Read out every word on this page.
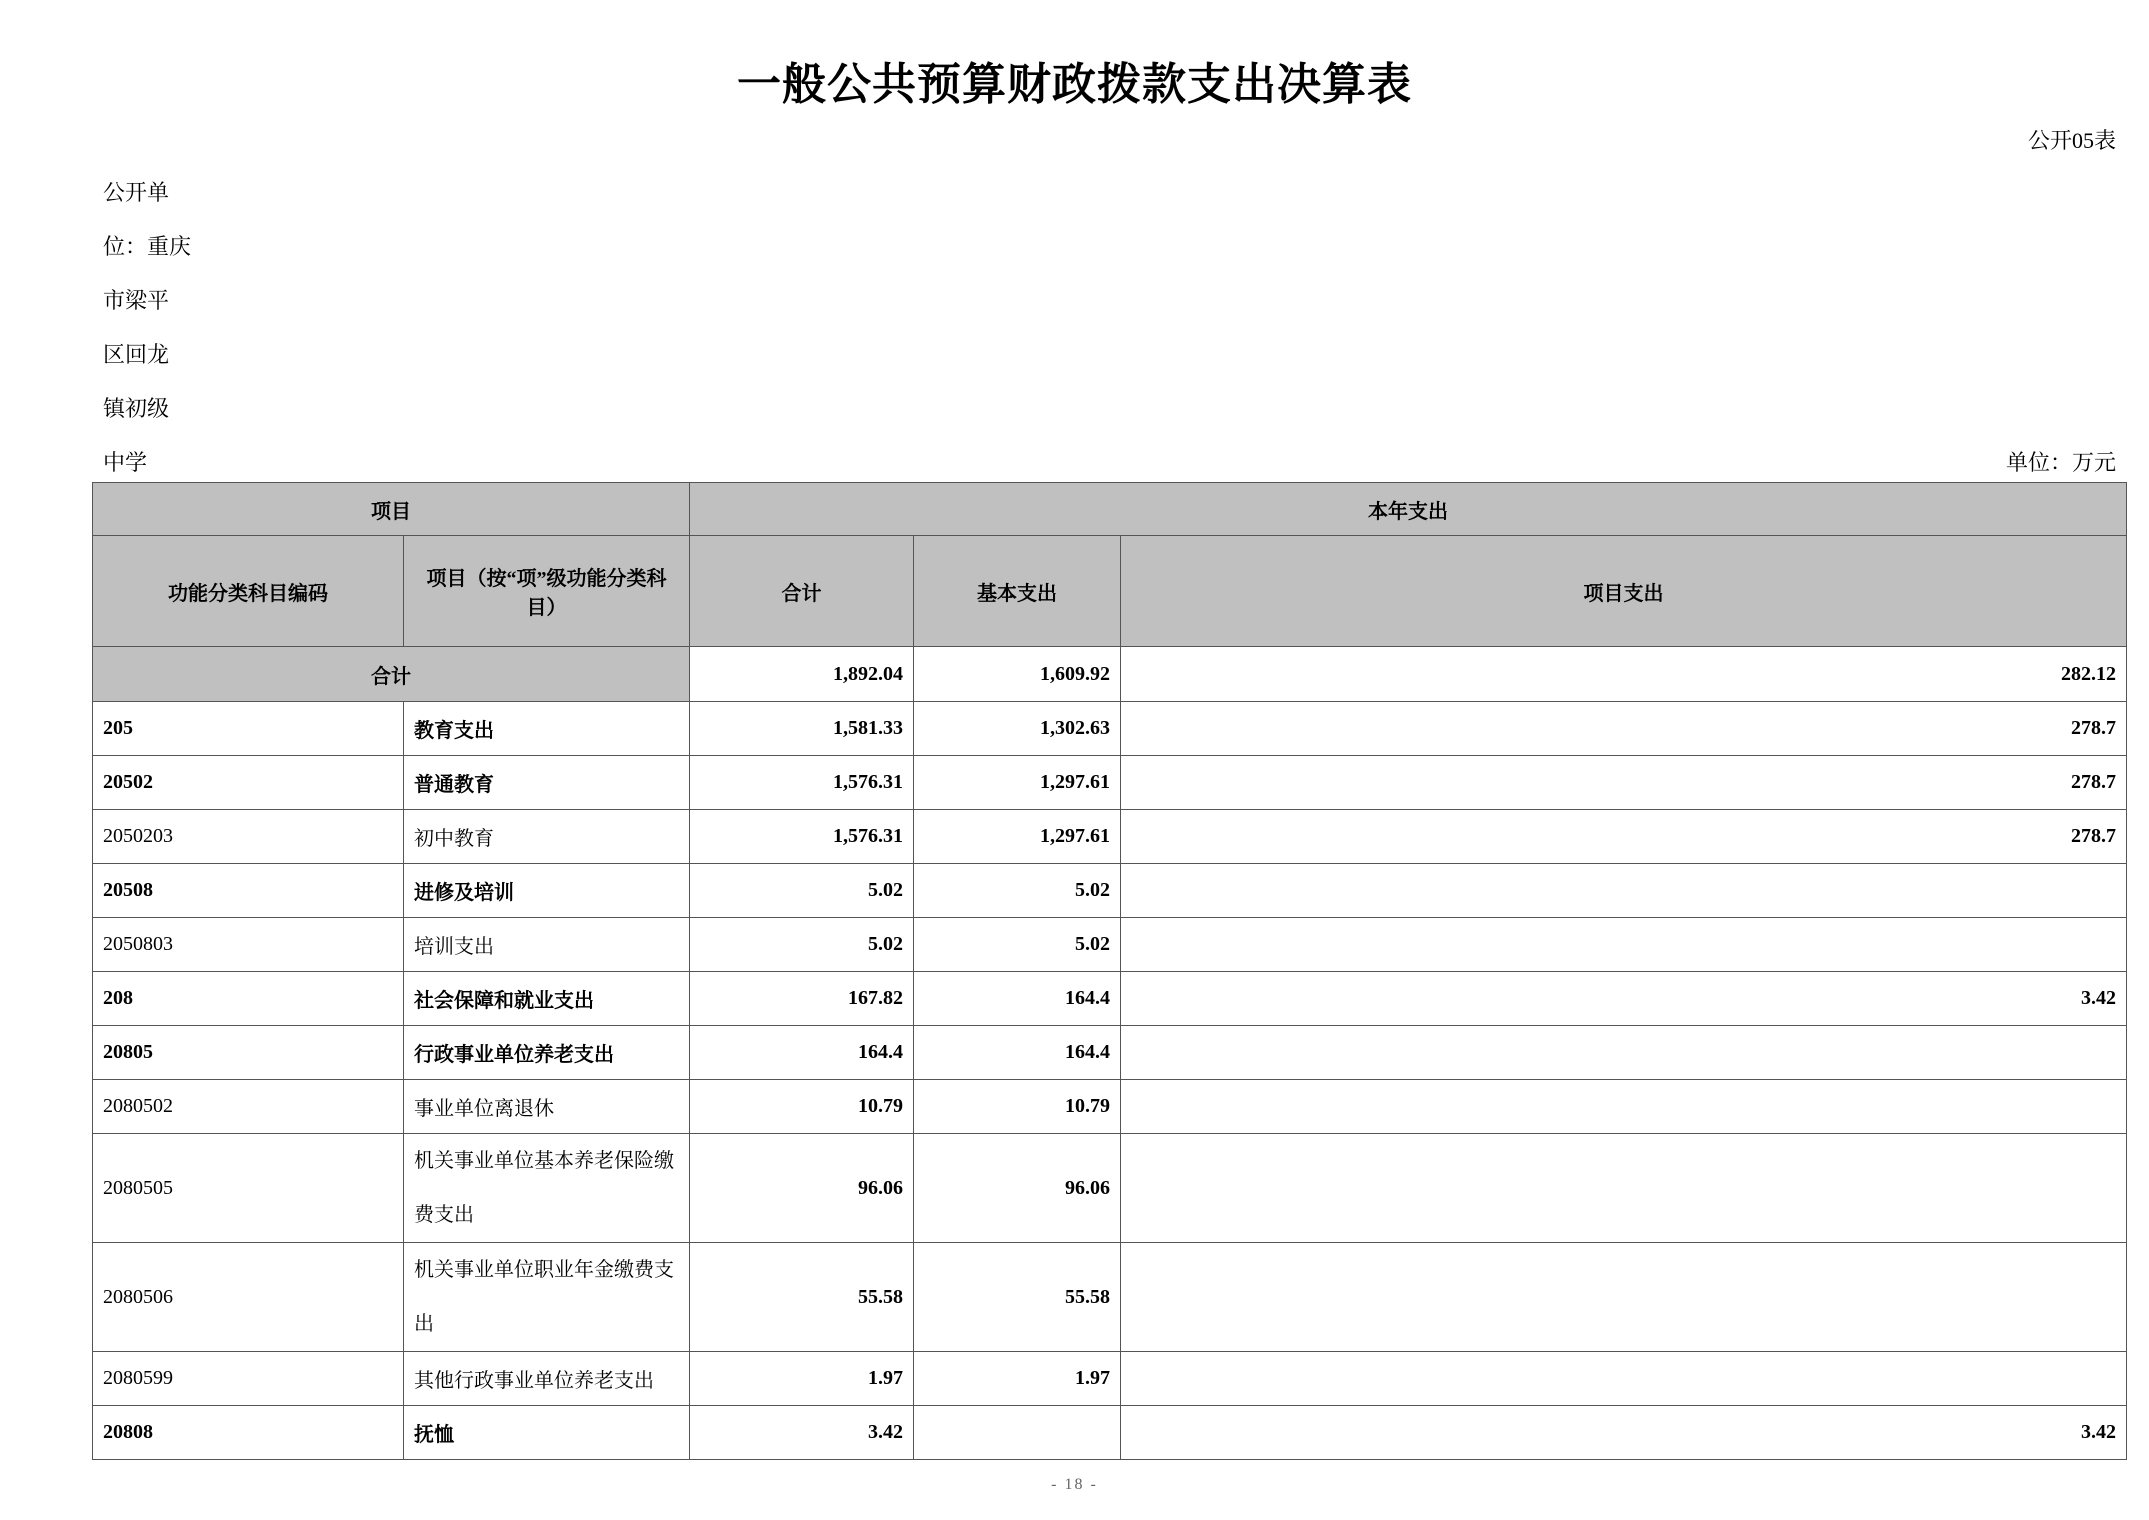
一般公共预算财政拨款支出决算表
公开05表
公开单
位：重庆
市梁平
区回龙
镇初级
中学	单位：万元
项目		本年支出		
功能分类科目编码	项目（按“项”级功能分类科目）	合计	基本支出	项目支出
合计		1,892.04	1,609.92	282.12
205	教育支出	1,581.33	1,302.63	278.7
20502	普通教育	1,576.31	1,297.61	278.7
2050203	初中教育	1,576.31	1,297.61	278.7
20508	进修及培训	5.02	5.02	
2050803	培训支出	5.02	5.02	
208	社会保障和就业支出	167.82	164.4	3.42
20805	行政事业单位养老支出	164.4	164.4	
2080502	事业单位离退休	10.79	10.79	
2080505	机关事业单位基本养老保险缴费支出	96.06	96.06	
2080506	机关事业单位职业年金缴费支出	55.58	55.58	
2080599	其他行政事业单位养老支出	1.97	1.97	
20808	抚恤	3.42		3.42
- 18 -
